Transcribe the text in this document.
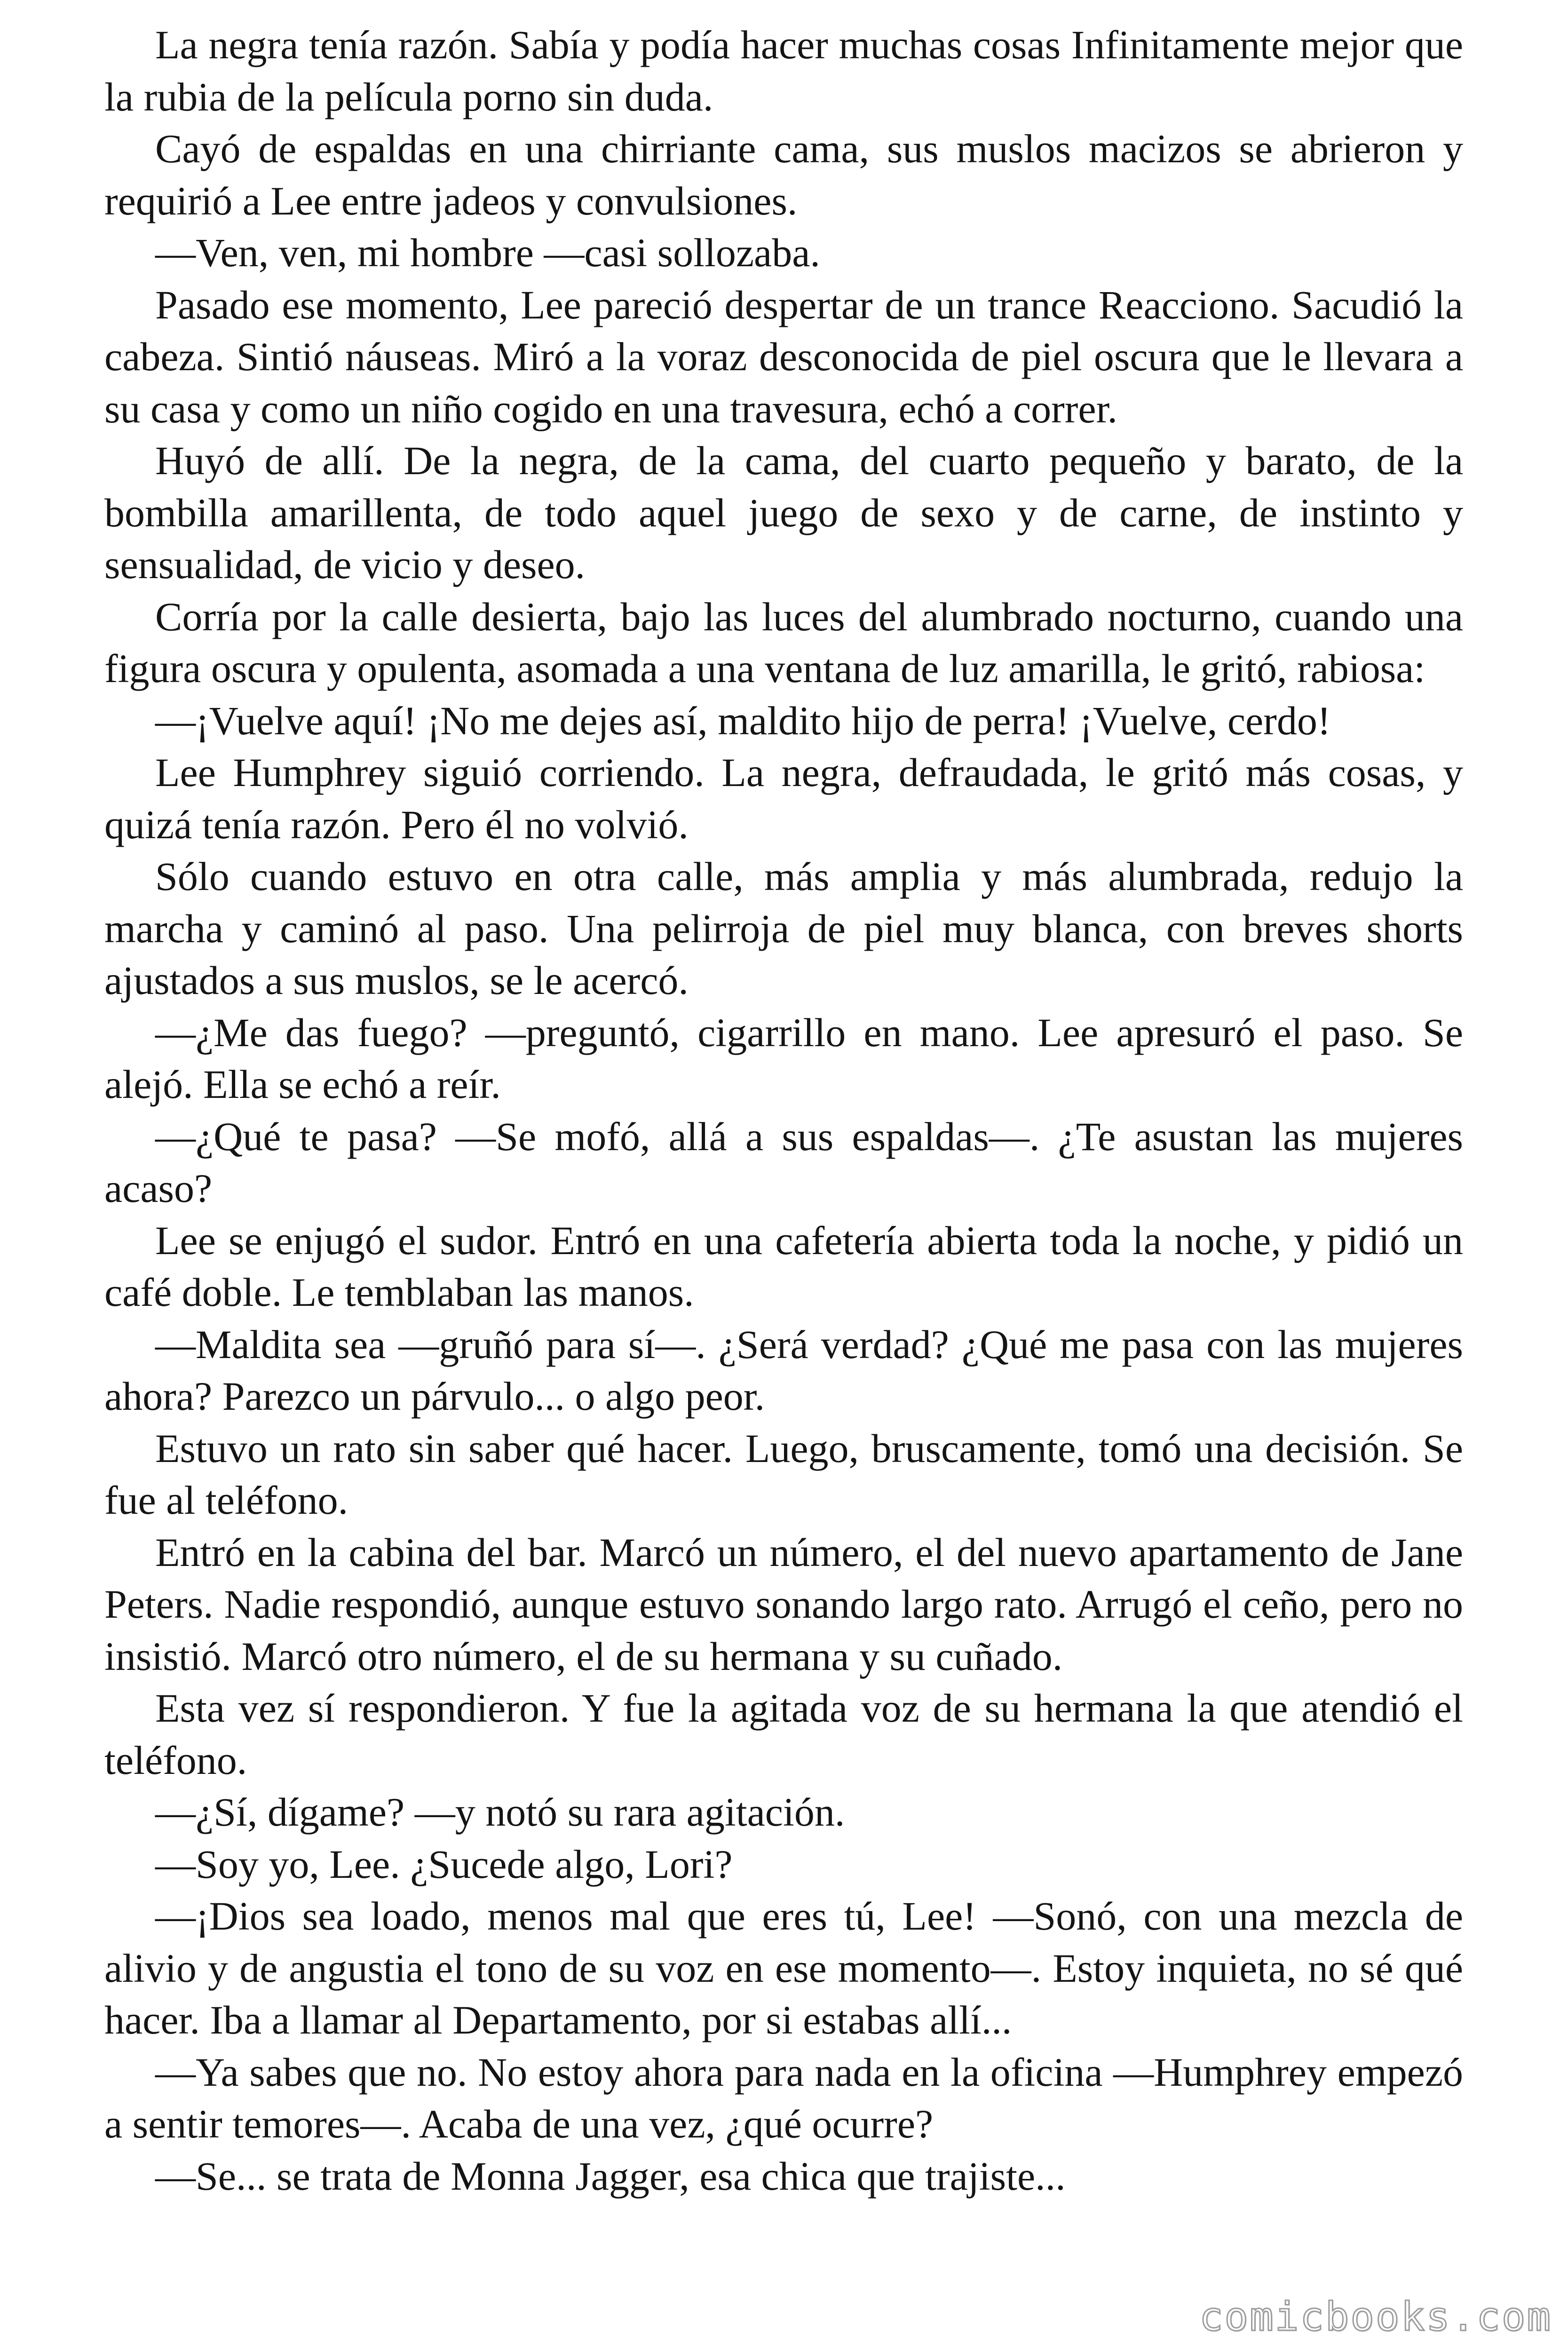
La negra tenía razón. Sabía y podía hacer muchas cosas Infinitamente mejor que la rubia de la película porno sin duda.

Cayó de espaldas en una chirriante cama, sus muslos macizos se abrieron y requirió a Lee entre jadeos y convulsiones.

—Ven, ven, mi hombre —casi sollozaba.

Pasado ese momento, Lee pareció despertar de un trance Reacciono. Sacudió la cabeza. Sintió náuseas. Miró a la voraz desconocida de piel oscura que le llevara a su casa y como un niño cogido en una travesura, echó a correr.

Huyó de allí. De la negra, de la cama, del cuarto pequeño y barato, de la bombilla amarillenta, de todo aquel juego de sexo y de carne, de instinto y sensualidad, de vicio y deseo.

Corría por la calle desierta, bajo las luces del alumbrado nocturno, cuando una figura oscura y opulenta, asomada a una ventana de luz amarilla, le gritó, rabiosa:

—¡Vuelve aquí! ¡No me dejes así, maldito hijo de perra! ¡Vuelve, cerdo!

Lee Humphrey siguió corriendo. La negra, defraudada, le gritó más cosas, y quizá tenía razón. Pero él no volvió.

Sólo cuando estuvo en otra calle, más amplia y más alumbrada, redujo la marcha y caminó al paso. Una pelirroja de piel muy blanca, con breves shorts ajustados a sus muslos, se le acercó.

—¿Me das fuego? —preguntó, cigarrillo en mano. Lee apresuró el paso. Se alejó. Ella se echó a reír.

—¿Qué te pasa? —Se mofó, allá a sus espaldas—. ¿Te asustan las mujeres acaso?

Lee se enjugó el sudor. Entró en una cafetería abierta toda la noche, y pidió un café doble. Le temblaban las manos.

—Maldita sea —gruñó para sí—. ¿Será verdad? ¿Qué me pasa con las mujeres ahora? Parezco un párvulo... o algo peor.

Estuvo un rato sin saber qué hacer. Luego, bruscamente, tomó una decisión. Se fue al teléfono.

Entró en la cabina del bar. Marcó un número, el del nuevo apartamento de Jane Peters. Nadie respondió, aunque estuvo sonando largo rato. Arrugó el ceño, pero no insistió. Marcó otro número, el de su hermana y su cuñado.

Esta vez sí respondieron. Y fue la agitada voz de su hermana la que atendió el teléfono.

—¿Sí, dígame? —y notó su rara agitación.

—Soy yo, Lee. ¿Sucede algo, Lori?

—¡Dios sea loado, menos mal que eres tú, Lee! —Sonó, con una mezcla de alivio y de angustia el tono de su voz en ese momento—. Estoy inquieta, no sé qué hacer. Iba a llamar al Departamento, por si estabas allí...

—Ya sabes que no. No estoy ahora para nada en la oficina —Humphrey empezó a sentir temores—. Acaba de una vez, ¿qué ocurre?

—Se... se trata de Monna Jagger, esa chica que trajiste...

comicbooks.com
